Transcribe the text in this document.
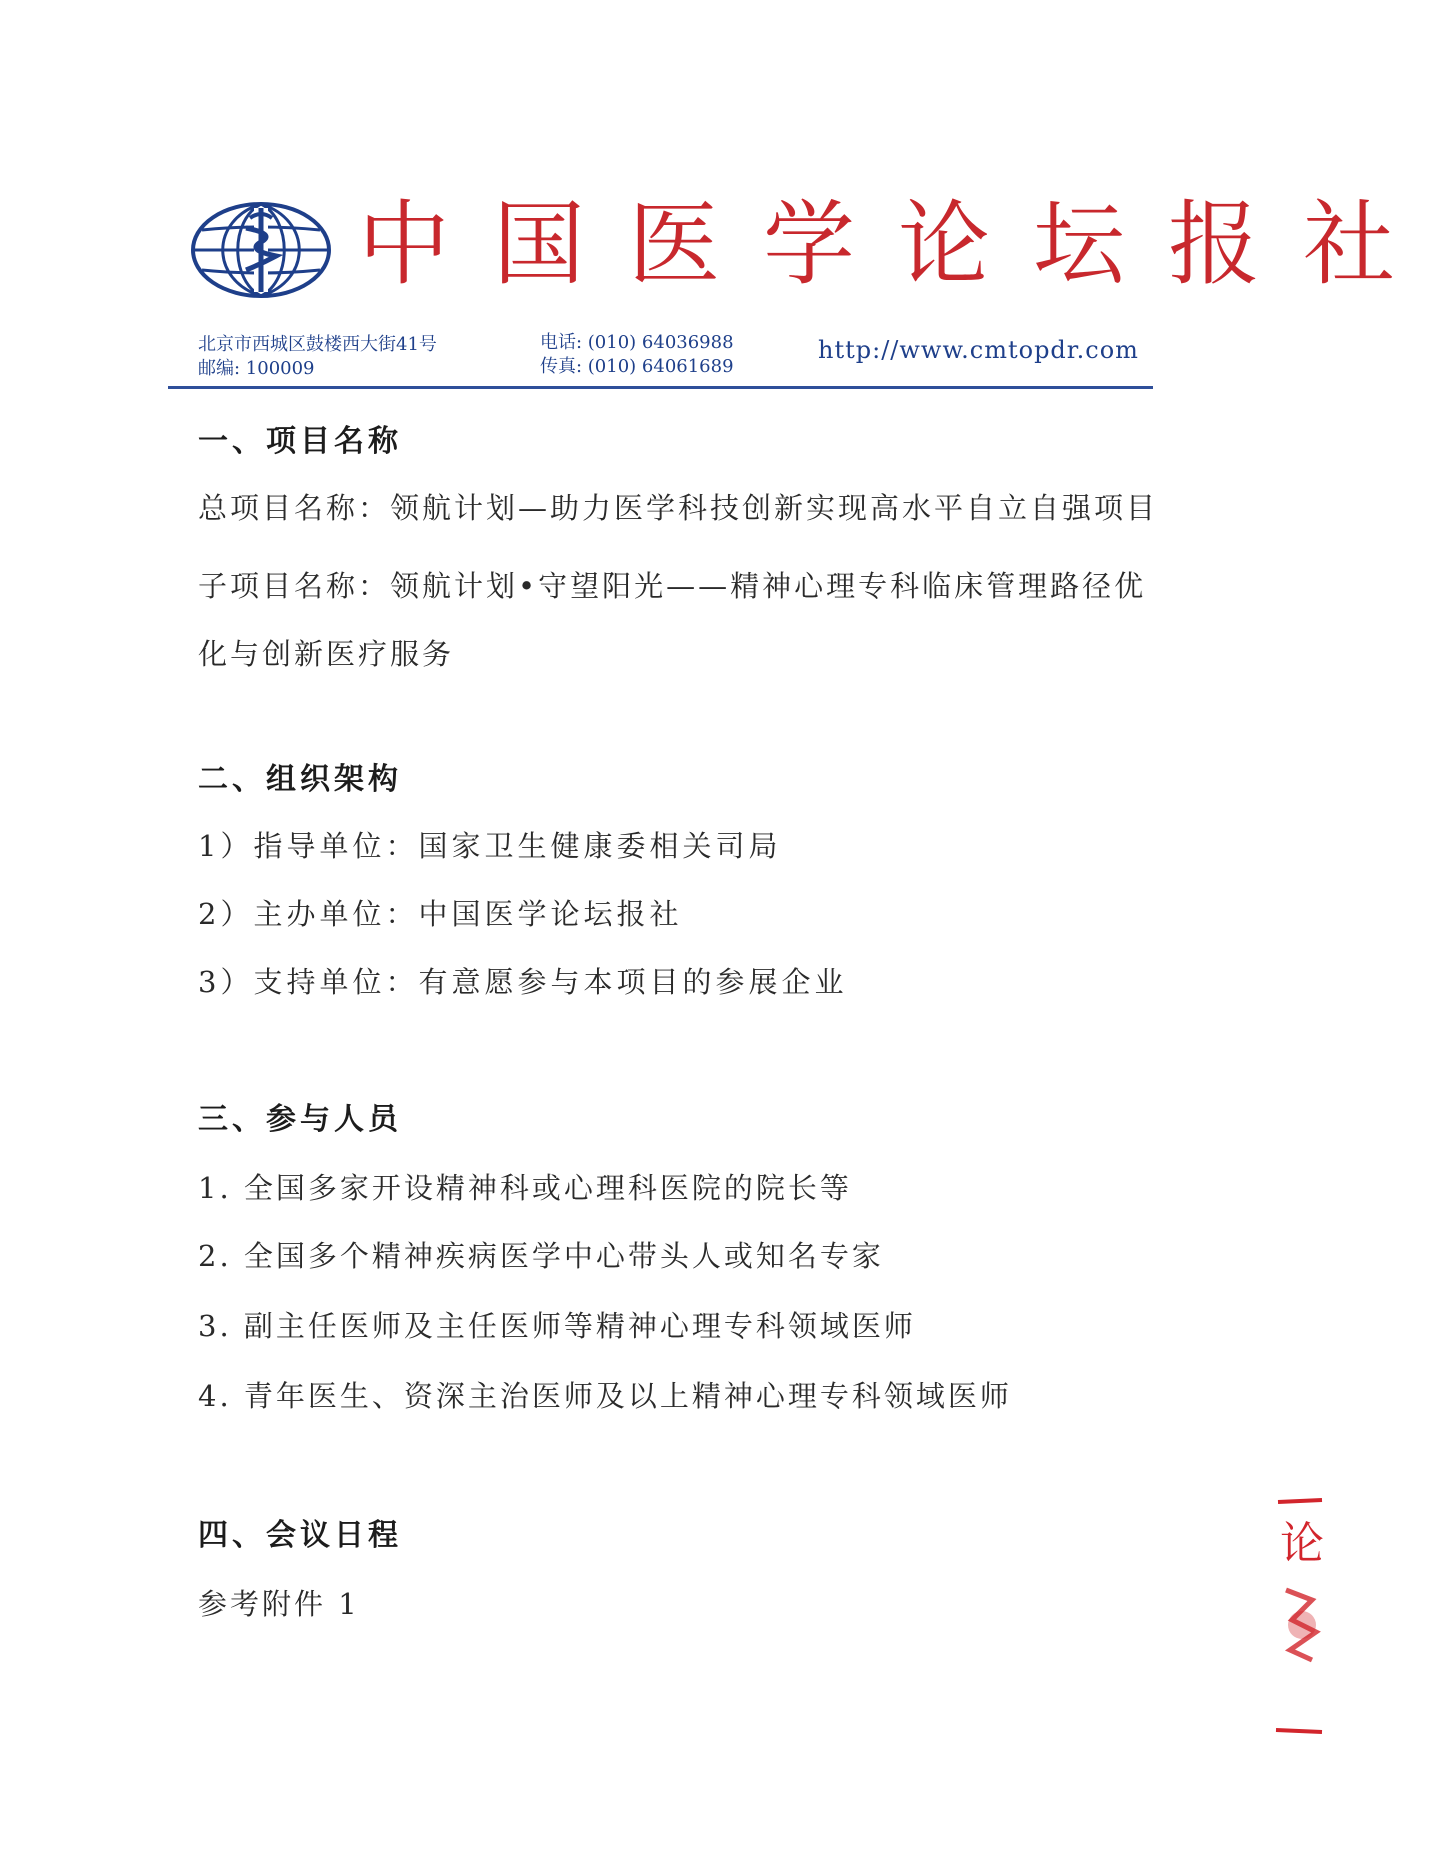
中国医学论坛报社
北京市西城区鼓楼西大街41号
邮编: 100009
电话: (010) 64036988
传真: (010) 64061689
http://www.cmtopdr.com
一、项目名称

总项目名称：领航计划—助力医学科技创新实现高水平自立自强项目

子项目名称：领航计划•守望阳光——精神心理专科临床管理路径优

化与创新医疗服务

二、组织架构

1）指导单位：国家卫生健康委相关司局

2）主办单位：中国医学论坛报社

3）支持单位：有意愿参与本项目的参展企业

三、参与人员

1. 全国多家开设精神科或心理科医院的院长等

2. 全国多个精神疾病医学中心带头人或知名专家

3. 副主任医师及主任医师等精神心理专科领域医师

4. 青年医生、资深主治医师及以上精神心理专科领域医师

四、会议日程

参考附件 1

论
